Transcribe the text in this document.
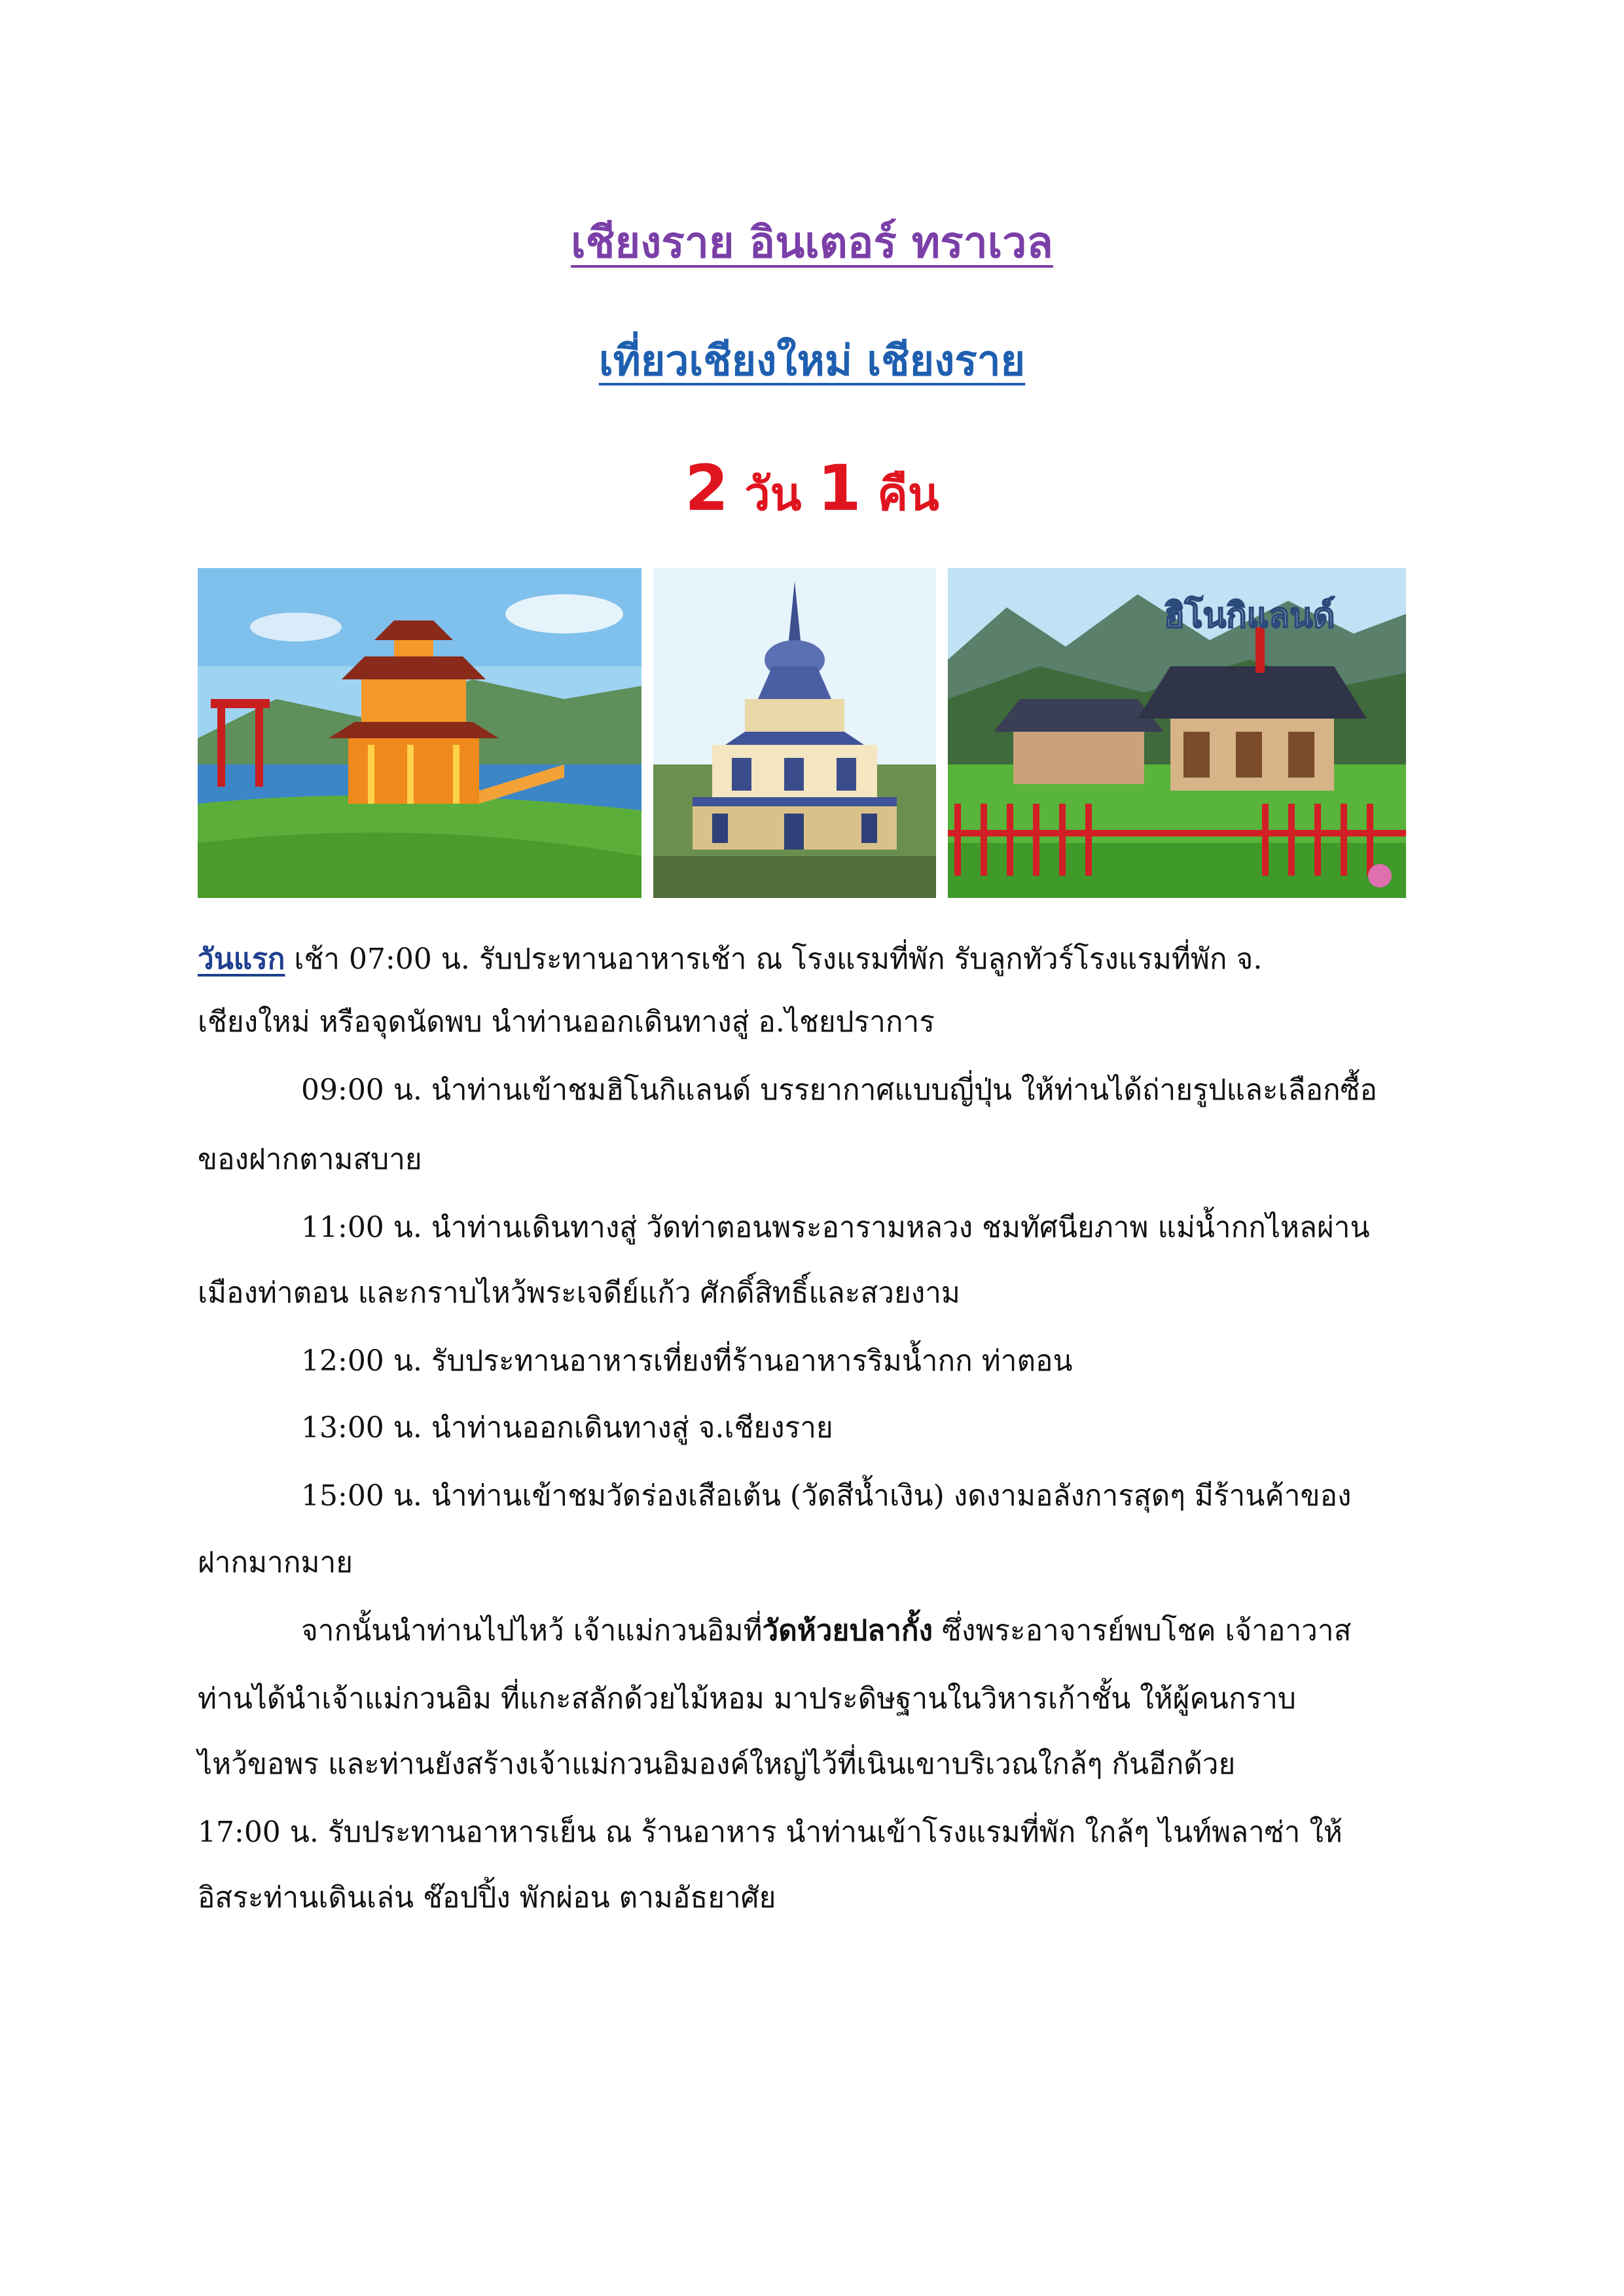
เชียงราย อินเตอร์ ทราเวล
เที่ยวเชียงใหม่ เชียงราย
2 วัน 1 คืน
ฮิโนกิแลนด์
วันแรก เช้า 07:00 น. รับประทานอาหารเช้า ณ โรงแรมที่พัก รับลูกทัวร์โรงแรมที่พัก จ.
เชียงใหม่ หรือจุดนัดพบ นำท่านออกเดินทางสู่ อ.ไชยปราการ
09:00 น. นำท่านเข้าชมฮิโนกิแลนด์ บรรยากาศแบบญี่ปุ่น ให้ท่านได้ถ่ายรูปและเลือกซื้อ
ของฝากตามสบาย
11:00 น. นำท่านเดินทางสู่ วัดท่าตอนพระอารามหลวง ชมทัศนียภาพ แม่น้ำกกไหลผ่าน
เมืองท่าตอน และกราบไหว้พระเจดีย์แก้ว ศักดิ์สิทธิ์และสวยงาม
12:00 น. รับประทานอาหารเที่ยงที่ร้านอาหารริมน้ำกก ท่าตอน
13:00 น. นำท่านออกเดินทางสู่ จ.เชียงราย
15:00 น. นำท่านเข้าชมวัดร่องเสือเต้น (วัดสีน้ำเงิน) งดงามอลังการสุดๆ มีร้านค้าของ
ฝากมากมาย
จากนั้นนำท่านไปไหว้ เจ้าแม่กวนอิมที่วัดห้วยปลากั้ง ซึ่งพระอาจารย์พบโชค เจ้าอาวาส
ท่านได้นำเจ้าแม่กวนอิม ที่แกะสลักด้วยไม้หอม มาประดิษฐานในวิหารเก้าชั้น ให้ผู้คนกราบ
ไหว้ขอพร และท่านยังสร้างเจ้าแม่กวนอิมองค์ใหญ่ไว้ที่เนินเขาบริเวณใกล้ๆ กันอีกด้วย
17:00 น. รับประทานอาหารเย็น ณ ร้านอาหาร นำท่านเข้าโรงแรมที่พัก ใกล้ๆ ไนท์พลาซ่า ให้
อิสระท่านเดินเล่น ช๊อปปิ้ง พักผ่อน ตามอัธยาศัย
